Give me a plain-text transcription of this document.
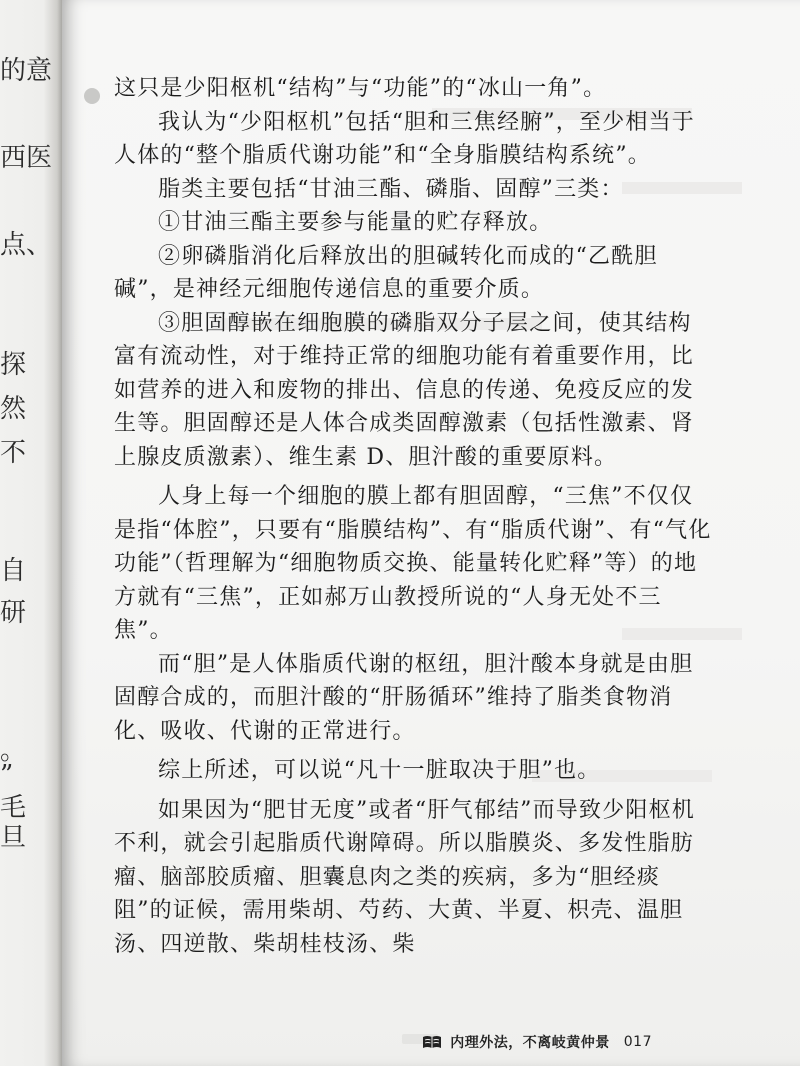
的意
西医
点、
探
然
不
自
研
。
”
毛
旦

这只是少阳枢机“结构”与“功能”的“冰山一角”。

我认为“少阳枢机”包括“胆和三焦经腑”，至少相当于人体的“整个脂质代谢功能”和“全身脂膜结构系统”。

脂类主要包括“甘油三酯、磷脂、固醇”三类：

①甘油三酯主要参与能量的贮存释放。

②卵磷脂消化后释放出的胆碱转化而成的“乙酰胆碱”，是神经元细胞传递信息的重要介质。

③胆固醇嵌在细胞膜的磷脂双分子层之间，使其结构富有流动性，对于维持正常的细胞功能有着重要作用，比如营养的进入和废物的排出、信息的传递、免疫反应的发生等。胆固醇还是人体合成类固醇激素（包括性激素、肾上腺皮质激素）、维生素 D、胆汁酸的重要原料。

人身上每一个细胞的膜上都有胆固醇，“三焦”不仅仅是指“体腔”，只要有“脂膜结构”、有“脂质代谢”、有“气化功能”（哲理解为“细胞物质交换、能量转化贮释”等）的地方就有“三焦”，正如郝万山教授所说的“人身无处不三焦”。

而“胆”是人体脂质代谢的枢纽，胆汁酸本身就是由胆固醇合成的，而胆汁酸的“肝肠循环”维持了脂类食物消化、吸收、代谢的正常进行。

综上所述，可以说“凡十一脏取决于胆”也。

如果因为“肥甘无度”或者“肝气郁结”而导致少阳枢机不利，就会引起脂质代谢障碍。所以脂膜炎、多发性脂肪瘤、脑部胶质瘤、胆囊息肉之类的疾病，多为“胆经痰阻”的证候，需用柴胡、芍药、大黄、半夏、枳壳、温胆汤、四逆散、柴胡桂枝汤、柴

内理外法，不离岐黄仲景 017
